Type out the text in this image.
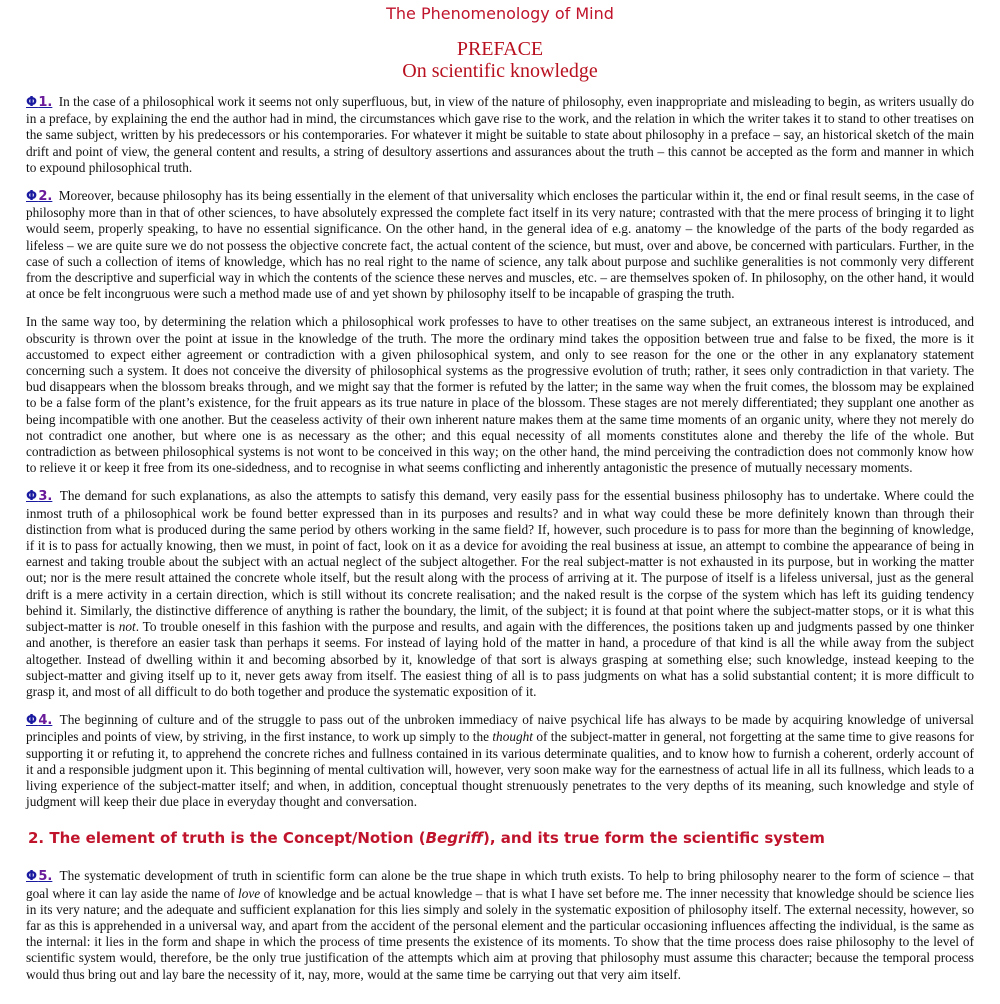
The Phenomenology of Mind
PREFACE
On scientific knowledge

Φ 1. In the case of a philosophical work it seems not only superfluous, but, in view of the nature of philosophy, even inappropriate and misleading to begin, as writers usually do in a preface, by explaining the end the author had in mind, the circumstances which gave rise to the work, and the relation in which the writer takes it to stand to other treatises on the same subject, written by his predecessors or his contemporaries. For whatever it might be suitable to state about philosophy in a preface – say, an historical sketch of the main drift and point of view, the general content and results, a string of desultory assertions and assurances about the truth – this cannot be accepted as the form and manner in which to expound philosophical truth.

Φ 2. Moreover, because philosophy has its being essentially in the element of that universality which encloses the particular within it, the end or final result seems, in the case of philosophy more than in that of other sciences, to have absolutely expressed the complete fact itself in its very nature; contrasted with that the mere process of bringing it to light would seem, properly speaking, to have no essential significance. On the other hand, in the general idea of e.g. anatomy – the knowledge of the parts of the body regarded as lifeless – we are quite sure we do not possess the objective concrete fact, the actual content of the science, but must, over and above, be concerned with particulars. Further, in the case of such a collection of items of knowledge, which has no real right to the name of science, any talk about purpose and suchlike generalities is not commonly very different from the descriptive and superficial way in which the contents of the science these nerves and muscles, etc. – are themselves spoken of. In philosophy, on the other hand, it would at once be felt incongruous were such a method made use of and yet shown by philosophy itself to be incapable of grasping the truth.

In the same way too, by determining the relation which a philosophical work professes to have to other treatises on the same subject, an extraneous interest is introduced, and obscurity is thrown over the point at issue in the knowledge of the truth. The more the ordinary mind takes the opposition between true and false to be fixed, the more is it accustomed to expect either agreement or contradiction with a given philosophical system, and only to see reason for the one or the other in any explanatory statement concerning such a system. It does not conceive the diversity of philosophical systems as the progressive evolution of truth; rather, it sees only contradiction in that variety. The bud disappears when the blossom breaks through, and we might say that the former is refuted by the latter; in the same way when the fruit comes, the blossom may be explained to be a false form of the plant’s existence, for the fruit appears as its true nature in place of the blossom. These stages are not merely differentiated; they supplant one another as being incompatible with one another. But the ceaseless activity of their own inherent nature makes them at the same time moments of an organic unity, where they not merely do not contradict one another, but where one is as necessary as the other; and this equal necessity of all moments constitutes alone and thereby the life of the whole. But contradiction as between philosophical systems is not wont to be conceived in this way; on the other hand, the mind perceiving the contradiction does not commonly know how to relieve it or keep it free from its one-sidedness, and to recognise in what seems conflicting and inherently antagonistic the presence of mutually necessary moments.

Φ 3. The demand for such explanations, as also the attempts to satisfy this demand, very easily pass for the essential business philosophy has to undertake. Where could the inmost truth of a philosophical work be found better expressed than in its purposes and results? and in what way could these be more definitely known than through their distinction from what is produced during the same period by others working in the same field? If, however, such procedure is to pass for more than the beginning of knowledge, if it is to pass for actually knowing, then we must, in point of fact, look on it as a device for avoiding the real business at issue, an attempt to combine the appearance of being in earnest and taking trouble about the subject with an actual neglect of the subject altogether. For the real subject-matter is not exhausted in its purpose, but in working the matter out; nor is the mere result attained the concrete whole itself, but the result along with the process of arriving at it. The purpose of itself is a lifeless universal, just as the general drift is a mere activity in a certain direction, which is still without its concrete realisation; and the naked result is the corpse of the system which has left its guiding tendency behind it. Similarly, the distinctive difference of anything is rather the boundary, the limit, of the subject; it is found at that point where the subject-matter stops, or it is what this subject-matter is not. To trouble oneself in this fashion with the purpose and results, and again with the differences, the positions taken up and judgments passed by one thinker and another, is therefore an easier task than perhaps it seems. For instead of laying hold of the matter in hand, a procedure of that kind is all the while away from the subject altogether. Instead of dwelling within it and becoming absorbed by it, knowledge of that sort is always grasping at something else; such knowledge, instead keeping to the subject-matter and giving itself up to it, never gets away from itself. The easiest thing of all is to pass judgments on what has a solid substantial content; it is more difficult to grasp it, and most of all difficult to do both together and produce the systematic exposition of it.

Φ 4. The beginning of culture and of the struggle to pass out of the unbroken immediacy of naive psychical life has always to be made by acquiring knowledge of universal principles and points of view, by striving, in the first instance, to work up simply to the thought of the subject-matter in general, not forgetting at the same time to give reasons for supporting it or refuting it, to apprehend the concrete riches and fullness contained in its various determinate qualities, and to know how to furnish a coherent, orderly account of it and a responsible judgment upon it. This beginning of mental cultivation will, however, very soon make way for the earnestness of actual life in all its fullness, which leads to a living experience of the subject-matter itself; and when, in addition, conceptual thought strenuously penetrates to the very depths of its meaning, such knowledge and style of judgment will keep their due place in everyday thought and conversation.

2. The element of truth is the Concept/Notion (Begriff), and its true form the scientific system

Φ 5. The systematic development of truth in scientific form can alone be the true shape in which truth exists. To help to bring philosophy nearer to the form of science – that goal where it can lay aside the name of love of knowledge and be actual knowledge – that is what I have set before me. The inner necessity that knowledge should be science lies in its very nature; and the adequate and sufficient explanation for this lies simply and solely in the systematic exposition of philosophy itself. The external necessity, however, so far as this is apprehended in a universal way, and apart from the accident of the personal element and the particular occasioning influences affecting the individual, is the same as the internal: it lies in the form and shape in which the process of time presents the existence of its moments. To show that the time process does raise philosophy to the level of scientific system would, therefore, be the only true justification of the attempts which aim at proving that philosophy must assume this character; because the temporal process would thus bring out and lay bare the necessity of it, nay, more, would at the same time be carrying out that very aim itself.
